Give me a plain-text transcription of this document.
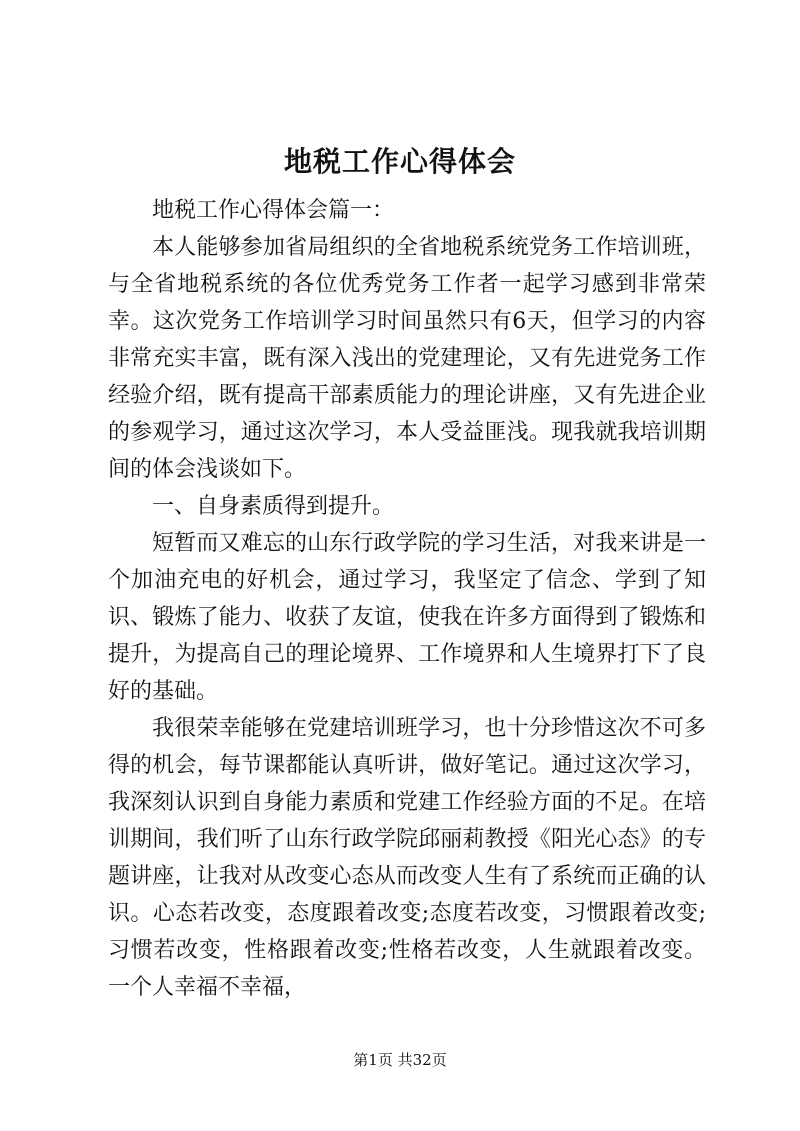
地税工作心得体会

地税工作心得体会篇一：

本人能够参加省局组织的全省地税系统党务工作培训班，与全省地税系统的各位优秀党务工作者一起学习感到非常荣幸。这次党务工作培训学习时间虽然只有6天，但学习的内容非常充实丰富，既有深入浅出的党建理论，又有先进党务工作经验介绍，既有提高干部素质能力的理论讲座，又有先进企业的参观学习，通过这次学习，本人受益匪浅。现我就我培训期间的体会浅谈如下。

一、自身素质得到提升。

短暂而又难忘的山东行政学院的学习生活，对我来讲是一个加油充电的好机会，通过学习，我坚定了信念、学到了知识、锻炼了能力、收获了友谊，使我在许多方面得到了锻炼和提升，为提高自己的理论境界、工作境界和人生境界打下了良好的基础。

我很荣幸能够在党建培训班学习，也十分珍惜这次不可多得的机会，每节课都能认真听讲，做好笔记。通过这次学习，我深刻认识到自身能力素质和党建工作经验方面的不足。在培训期间，我们听了山东行政学院邱丽莉教授《阳光心态》的专题讲座，让我对从改变心态从而改变人生有了系统而正确的认识。心态若改变，态度跟着改变;态度若改变，习惯跟着改变;习惯若改变，性格跟着改变;性格若改变，人生就跟着改变。一个人幸福不幸福，

第1页 共32页
